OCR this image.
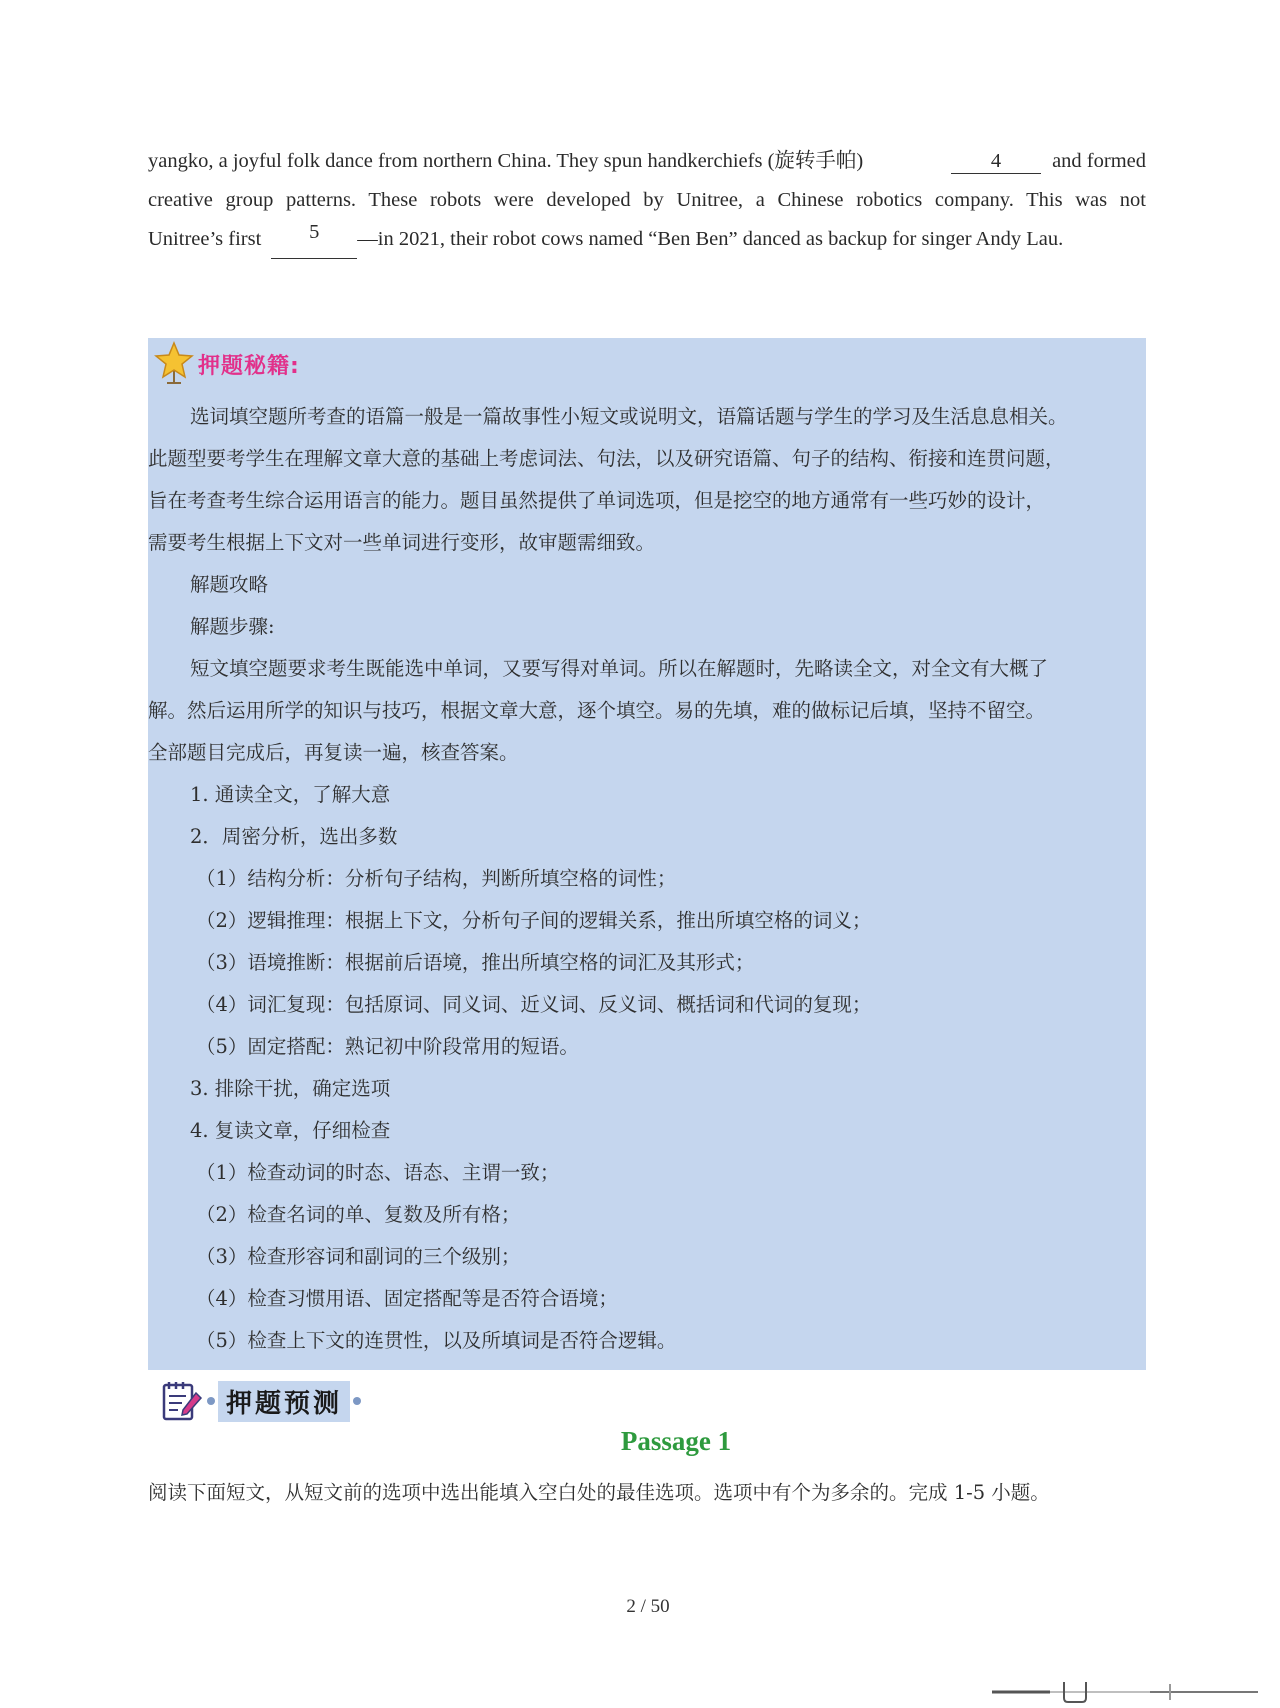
yangko, a joyful folk dance from northern China. They spun handkerchiefs (旋转手帕)	4 and formed
creative group patterns. These robots were developed by Unitree, a Chinese robotics company. This was not
Unitree’s first	5	—in 2021, their robot cows named “Ben Ben” danced as backup for singer Andy Lau.
押题秘籍:
选词填空题所考查的语篇一般是一篇故事性小短文或说明文，语篇话题与学生的学习及生活息息相关。
此题型要考学生在理解文章大意的基础上考虑词法、句法，以及研究语篇、句子的结构、衔接和连贯问题，
旨在考查考生综合运用语言的能力。题目虽然提供了单词选项，但是挖空的地方通常有一些巧妙的设计，
需要考生根据上下文对一些单词进行变形，故审题需细致。
解题攻略
解题步骤:
短文填空题要求考生既能选中单词，又要写得对单词。所以在解题时，先略读全文，对全文有大概了
解。然后运用所学的知识与技巧，根据文章大意，逐个填空。易的先填，难的做标记后填，坚持不留空。
全部题目完成后，再复读一遍，核查答案。
1. 通读全文，了解大意
2．周密分析，选出多数
（1）结构分析：分析句子结构，判断所填空格的词性；
（2）逻辑推理：根据上下文，分析句子间的逻辑关系，推出所填空格的词义；
（3）语境推断：根据前后语境，推出所填空格的词汇及其形式；
（4）词汇复现：包括原词、同义词、近义词、反义词、概括词和代词的复现；
（5）固定搭配：熟记初中阶段常用的短语。
3. 排除干扰，确定选项
4. 复读文章，仔细检查
（1）检查动词的时态、语态、主谓一致；
（2）检查名词的单、复数及所有格；
（3）检查形容词和副词的三个级别；
（4）检查习惯用语、固定搭配等是否符合语境；
（5）检查上下文的连贯性，以及所填词是否符合逻辑。
押题预测
Passage 1
阅读下面短文，从短文前的选项中选出能填入空白处的最佳选项。选项中有个为多余的。完成 1-5 小题。
2 / 50
